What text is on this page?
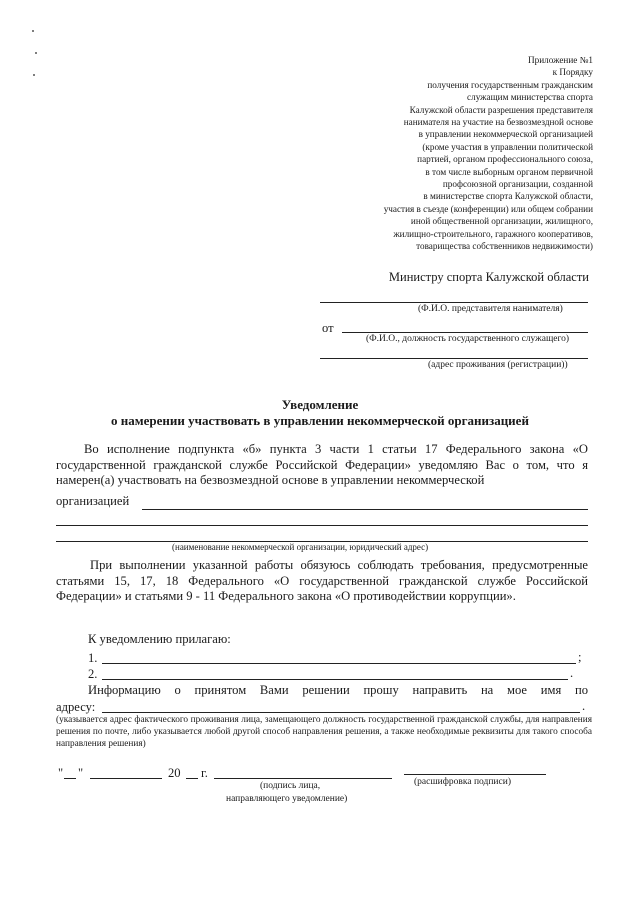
Приложение №1
к Порядку
получения государственным гражданским
служащим министерства спорта
Калужской области разрешения представителя
нанимателя на участие на безвозмездной основе
в управлении некоммерческой организацией
(кроме участия в управлении политической
партией, органом профессионального союза,
в том числе выборным органом первичной
профсоюзной организации, созданной
в министерстве спорта Калужской области,
участия в съезде (конференции) или общем собрании
иной общественной организации, жилищного,
жилищно-строительного, гаражного кооперативов,
товарищества собственников недвижимости)
Министру спорта Калужской области
(Ф.И.О. представителя нанимателя)
от
(Ф.И.О., должность государственного служащего)
(адрес проживания (регистрации))
Уведомление
о намерении участвовать в управлении некоммерческой организацией
Во исполнение подпункта «б» пункта 3 части 1 статьи 17 Федерального закона «О государственной гражданской службе Российской Федерации» уведомляю Вас о том, что я намерен(а) участвовать на безвозмездной основе в управлении некоммерческой
организацией
(наименование некоммерческой организации, юридический адрес)
При выполнении указанной работы обязуюсь соблюдать требования, предусмотренные статьями 15, 17, 18 Федерального «О государственной гражданской службе Российской Федерации» и статьями 9 - 11 Федерального закона «О противодействии коррупции».
К уведомлению прилагаю:
1.	;
2.	.
Информацию о принятом Вами решении прошу направить на мое имя по
адресу:	.
(указывается адрес фактического проживания лица, замещающего должность государственной гражданской службы, для направления решения по почте, либо указывается любой другой способ направления решения, а также необходимые реквизиты для такого способа направления решения)
" "	20 г.
(подпись лица,
направляющего уведомление)
(расшифровка подписи)
